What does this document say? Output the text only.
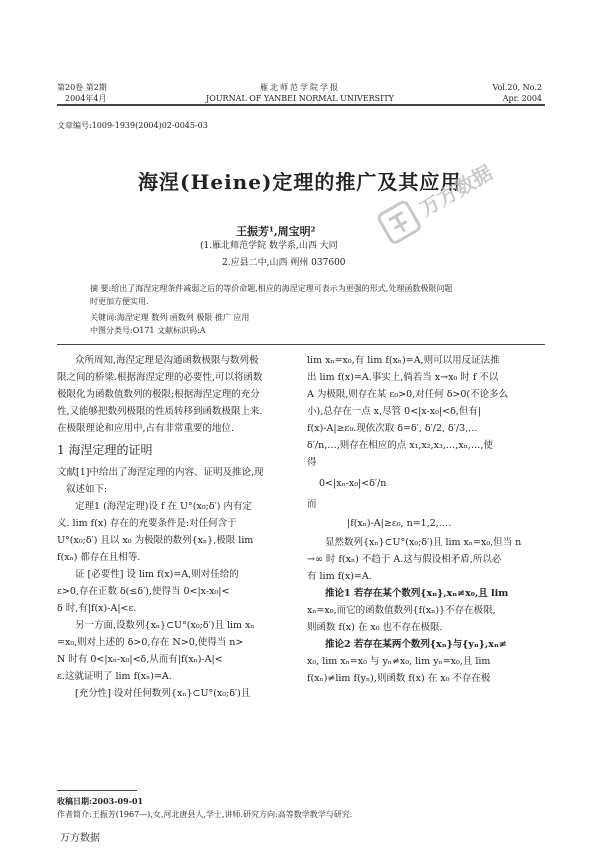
第20卷 第2期
2004年4月
雁北师范学院学报
JOURNAL OF YANBEI NORMAL UNIVERSITY
Vol.20, No.2
Apr. 2004
文章编号:1009-1939(2004)02-0045-03
海涅(Heine)定理的推广及其应用
万方数据
王振芳¹,周宝明²
(1.雁北师范学院 数学系,山西 大同
2.应县二中,山西 朔州 037600
摘 要:给出了海涅定理条件减弱之后的等价命题,相应的海涅定理可表示为更强的形式,处理函数极限问题
时更加方便实用.
关键词:海涅定理 数列 函数列 极限 推广 应用
中图分类号:O171 文献标识码:A
众所周知,海涅定理是沟通函数极限与数列极
限之间的桥梁.根据海涅定理的必要性,可以将函数
极限化为函数值数列的极限;根据海涅定理的充分
性,又能够把数列极限的性质转移到函数极限上来.
在极限理论和应用中,占有非常重要的地位.
1 海涅定理的证明
文献[1]中给出了海涅定理的内容、证明及推论,现
叙述如下:
定理1 (海涅定理)设 f 在 U°(x₀;δ′) 内有定
义. lim f(x) 存在的充要条件是:对任何含于
U°(x₀;δ′) 且以 x₀ 为极限的数列{xₙ},极限 lim
f(xₙ) 都存在且相等.
证 [必要性] 设 lim f(x)=A,则对任给的
ε>0,存在正数 δ(≤δ′),使得当 0<|x-x₀|<
δ 时,有|f(x)-A|<ε.
另一方面,设数列{xₙ}⊂U°(x₀;δ′)且 lim xₙ
=x₀,则对上述的 δ>0,存在 N>0,使得当 n>
N 时有 0<|xₙ-x₀|<δ,从而有|f(xₙ)-A|<
ε.这就证明了 lim f(xₙ)=A.
[充分性] 设对任何数列{xₙ}⊂U°(x₀;δ′)且
lim xₙ=x₀,有 lim f(xₙ)=A,则可以用反证法推
出 lim f(x)=A.事实上,倘若当 x→x₀ 时 f 不以
A 为极限,则存在某 ε₀>0,对任何 δ>0(不论多么
小),总存在一点 x,尽管 0<|x-x₀|<δ,但有|
f(x)-A|≥ε₀.现依次取 δ=δ′, δ′/2, δ′/3,…
δ′/n,…,则存在相应的点 x₁,x₂,x₃,…,xₙ,…,使
得
0<|xₙ-x₀|<δ′/n
而
|f(xₙ)-A|≥ε₀, n=1,2,….
显然数列{xₙ}⊂U°(x₀;δ′)且 lim xₙ=x₀,但当 n
→∞ 时 f(xₙ) 不趋于 A.这与假设相矛盾,所以必
有 lim f(x)=A.
推论1 若存在某个数列{xₙ},xₙ≠x₀,且 lim
xₙ=x₀,而它的函数值数列{f(xₙ)}不存在极限,
则函数 f(x) 在 x₀ 也不存在极限.
推论2 若存在某两个数列{xₙ}与{yₙ},xₙ≠
x₀, lim xₙ=x₀ 与 yₙ≠x₀, lim yₙ=x₀,且 lim
f(xₙ)≠lim f(yₙ),则函数 f(x) 在 x₀ 不存在极
收稿日期:2003-09-01
作者简介:王振芳(1967—),女,河北唐县人,学士,讲师.研究方向:高等数学教学与研究.
万方数据
